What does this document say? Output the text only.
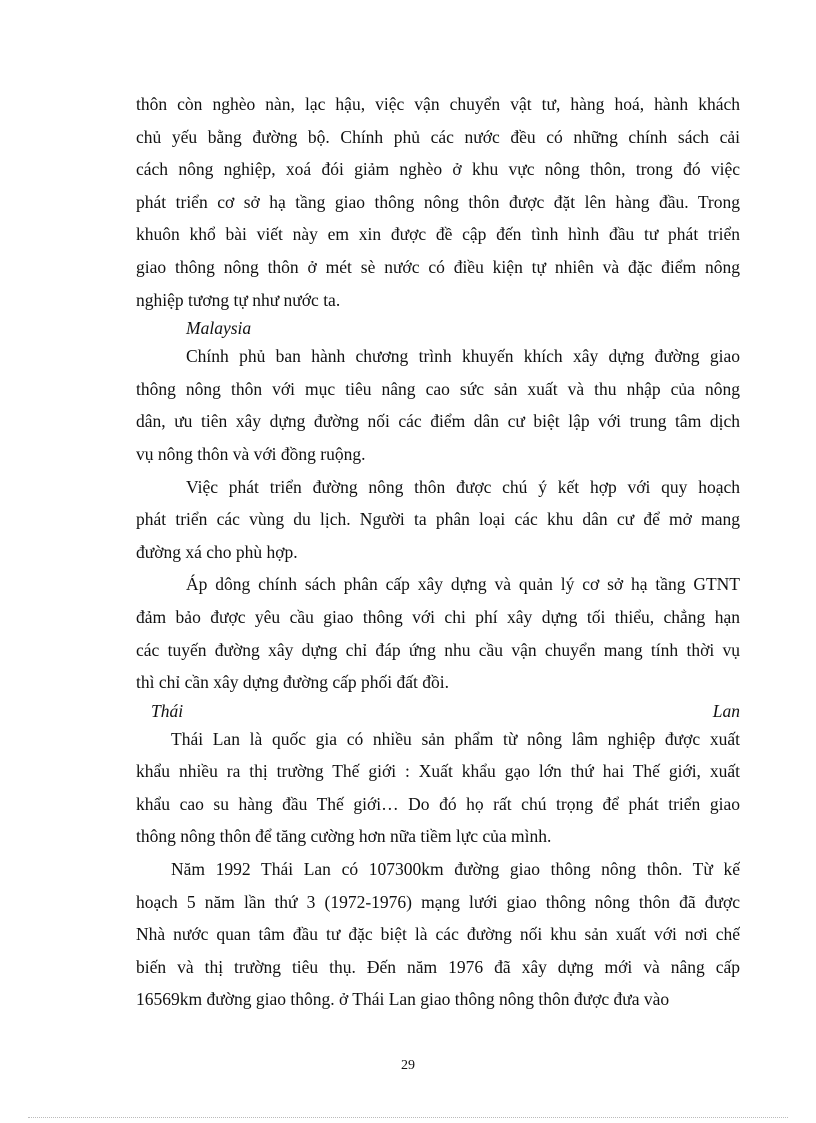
thôn còn nghèo nàn, lạc hậu, việc vận chuyển vật tư, hàng hoá, hành khách
chủ yếu bằng đường bộ. Chính phủ các nước đều có những chính sách cải
cách nông nghiệp, xoá đói giảm nghèo ở khu vực nông thôn, trong đó việc
phát triển cơ sở hạ tầng giao thông nông thôn được đặt lên hàng đầu. Trong
khuôn khổ bài viết này em xin được đề cập đến tình hình đầu tư phát triển
giao thông nông thôn ở mét sè nước có điều kiện tự nhiên và đặc điểm nông
nghiệp tương tự như nước ta.
Malaysia
Chính phủ ban hành chương trình khuyến khích xây dựng đường giao
thông nông thôn với mục tiêu nâng cao sức sản xuất và thu nhập của nông
dân, ưu tiên xây dựng đường nối các điểm dân cư biệt lập với trung tâm dịch
vụ nông thôn và với đồng ruộng.
Việc phát triển đường nông thôn được chú ý kết hợp với quy hoạch
phát triển các vùng du lịch. Người ta phân loại các khu dân cư để mở mang
đường xá cho phù hợp.
Áp dông chính sách phân cấp xây dựng và quản lý cơ sở hạ tầng GTNT
đảm bảo được yêu cầu giao thông với chi phí xây dựng tối thiểu, chẳng hạn
các tuyến đường xây dựng chỉ đáp ứng nhu cầu vận chuyển mang tính thời vụ
thì chỉ cần xây dựng đường cấp phối đất đồi.
Thái	Lan
Thái Lan là quốc gia có nhiều sản phẩm từ nông lâm nghiệp được xuất
khẩu nhiều ra thị trường Thế giới : Xuất khẩu gạo lớn thứ hai Thế giới, xuất
khẩu cao su hàng đầu Thế giới… Do đó họ rất chú trọng để phát triển giao
thông nông thôn để tăng cường hơn nữa tiềm lực của mình.
Năm 1992 Thái Lan có 107300km đường giao thông nông thôn. Từ kế
hoạch 5 năm lần thứ 3 (1972-1976) mạng lưới giao thông nông thôn đã được
Nhà nước quan tâm đầu tư đặc biệt là các đường nối khu sản xuất với nơi chế
biến và thị trường tiêu thụ. Đến năm 1976 đã xây dựng mới và nâng cấp
16569km đường giao thông. ở Thái Lan giao thông nông thôn được đưa vào
29
